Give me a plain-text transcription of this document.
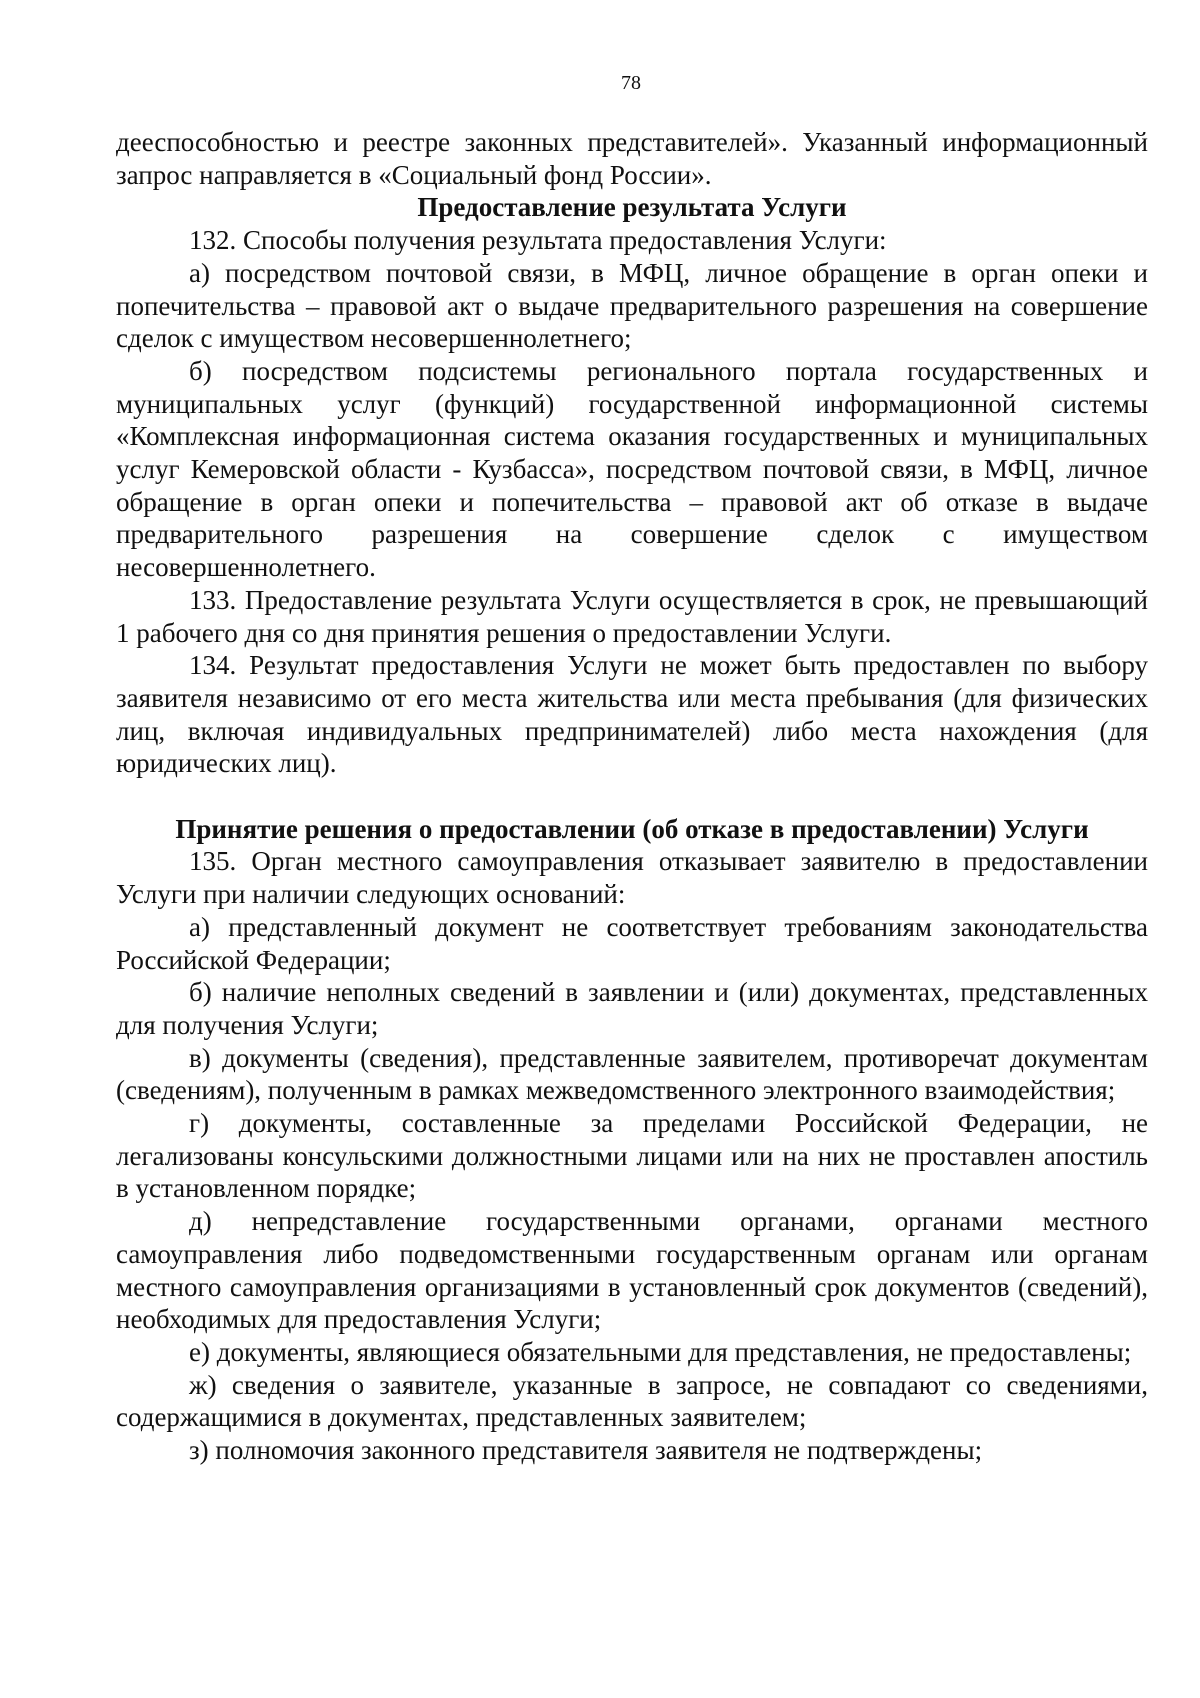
78

дееспособностью и реестре законных представителей». Указанный информационный запрос направляется в «Социальный фонд России».

Предоставление результата Услуги

132. Способы получения результата предоставления Услуги:

а) посредством почтовой связи, в МФЦ, личное обращение в орган опеки и попечительства – правовой акт о выдаче предварительного разрешения на совершение сделок с имуществом несовершеннолетнего;

б) посредством подсистемы регионального портала государственных и муниципальных услуг (функций) государственной информационной системы «Комплексная информационная система оказания государственных и муниципальных услуг Кемеровской области - Кузбасса», посредством почтовой связи, в МФЦ, личное обращение в орган опеки и попечительства – правовой акт об отказе в выдаче предварительного разрешения на совершение сделок с имуществом несовершеннолетнего.

133. Предоставление результата Услуги осуществляется в срок, не превышающий 1 рабочего дня со дня принятия решения о предоставлении Услуги.

134. Результат предоставления Услуги не может быть предоставлен по выбору заявителя независимо от его места жительства или места пребывания (для физических лиц, включая индивидуальных предпринимателей) либо места нахождения (для юридических лиц).

Принятие решения о предоставлении (об отказе в предоставлении) Услуги

135. Орган местного самоуправления отказывает заявителю в предоставлении Услуги при наличии следующих оснований:

а) представленный документ не соответствует требованиям законодательства Российской Федерации;

б) наличие неполных сведений в заявлении и (или) документах, представленных для получения Услуги;

в) документы (сведения), представленные заявителем, противоречат документам (сведениям), полученным в рамках межведомственного электронного взаимодействия;

г) документы, составленные за пределами Российской Федерации, не легализованы консульскими должностными лицами или на них не проставлен апостиль в установленном порядке;

д) непредставление государственными органами, органами местного самоуправления либо подведомственными государственным органам или органам местного самоуправления организациями в установленный срок документов (сведений), необходимых для предоставления Услуги;

е) документы, являющиеся обязательными для представления, не предоставлены;

ж) сведения о заявителе, указанные в запросе, не совпадают со сведениями, содержащимися в документах, представленных заявителем;

з) полномочия законного представителя заявителя не подтверждены;
